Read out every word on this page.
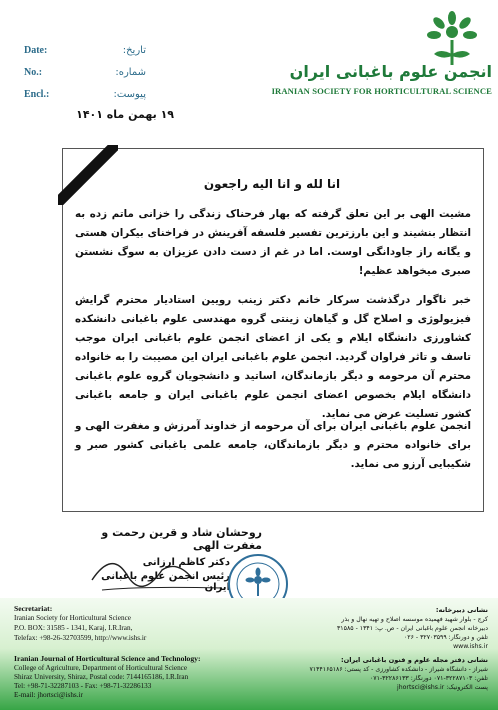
انجمن علوم باغبانی ایران
IRANIAN SOCIETY FOR HORTICULTURAL SCIENCE
Date:	تاریخ:
No.:	شماره:
Encl.:	پیوست:
۱۹ بهمن ماه ۱۴۰۱
انا لله و انا الیه راجعون
مشیت الهی بر این تعلق گرفته که بهار فرحناک زندگی را خزانی ماتم زده به انتظار بنشیند و این بارزترین تفسیر فلسفه آفرینش در فراخنای بیکران هستی و یگانه راز جاودانگی اوست. اما در غم از دست دادن عزیزان به سوگ نشستن صبری میخواهد عظیم!
خبر ناگوار درگذشت سرکار خانم دکتر زینب رویین استادیار محترم گرایش فیزیولوژی و اصلاح گل و گیاهان زینتی گروه مهندسی علوم باغبانی دانشکده کشاورزی دانشگاه ایلام و یکی از اعضای انجمن علوم باغبانی ایران موجب تاسف و تاثر فراوان گردید. انجمن علوم باغبانی ایران این مصیبت را به خانواده محترم آن مرحومه و دیگر بازماندگان، اساتید و دانشجویان گروه علوم باغبانی دانشگاه ایلام بخصوص اعضای انجمن علوم باغبانی ایران و جامعه باغبانی کشور تسلیت عرض می نماید.
انجمن علوم باغبانی ایران برای آن مرحومه از خداوند آمرزش و مغفرت الهی و برای خانواده محترم و دیگر بازماندگان، جامعه علمی باغبانی کشور صبر و شکیبایی آرزو می نماید.
روحشان شاد و قرین رحمت و مغفرت الهی
دکتر کاظم ارزانی
رئیس انجمن علوم باغبانی ایران
Secretariat:
Iranian Society for Horticultural Science
P.O. BOX: 31585 - 1341, Karaj, I.R.Iran,
Telefax: +98-26-32703599, http://www.ishs.ir
Iranian Journal of Horticultural Science and Technology:
College of Agriculture, Department of Horticultural Science
Shiraz University, Shiraz, Postal code: 7144165186, I.R.Iran
Tel: +98-71-32287103 - Fax: +98-71-32286133
E-mail: jhortsci@ishs.ir
نشانی دبیرخانه:
کرج - بلوار شهید فهمیده موسسه اصلاح و تهیه نهال و بذر
دبیرخانه انجمن علوم باغبانی ایران - ص. پ: ۱۳۴۱ - ۳۱۵۸۵
تلفن و دورنگار: ۳۲۷۰۳۵۹۹ - ۰۲۶
www.ishs.ir
نشانی دفتر مجله علوم و فنون باغبانی ایران:
شیراز - دانشگاه شیراز - دانشکده کشاورزی - کد پستی: ۷۱۴۴۱۶۵۱۸۶
تلفن: ۳۲۲۸۷۱۰۳-۰۷۱ دورنگار: ۳۲۲۸۶۱۳۳-۰۷۱
پست الکترونیک: jhortsci@ishs.ir
